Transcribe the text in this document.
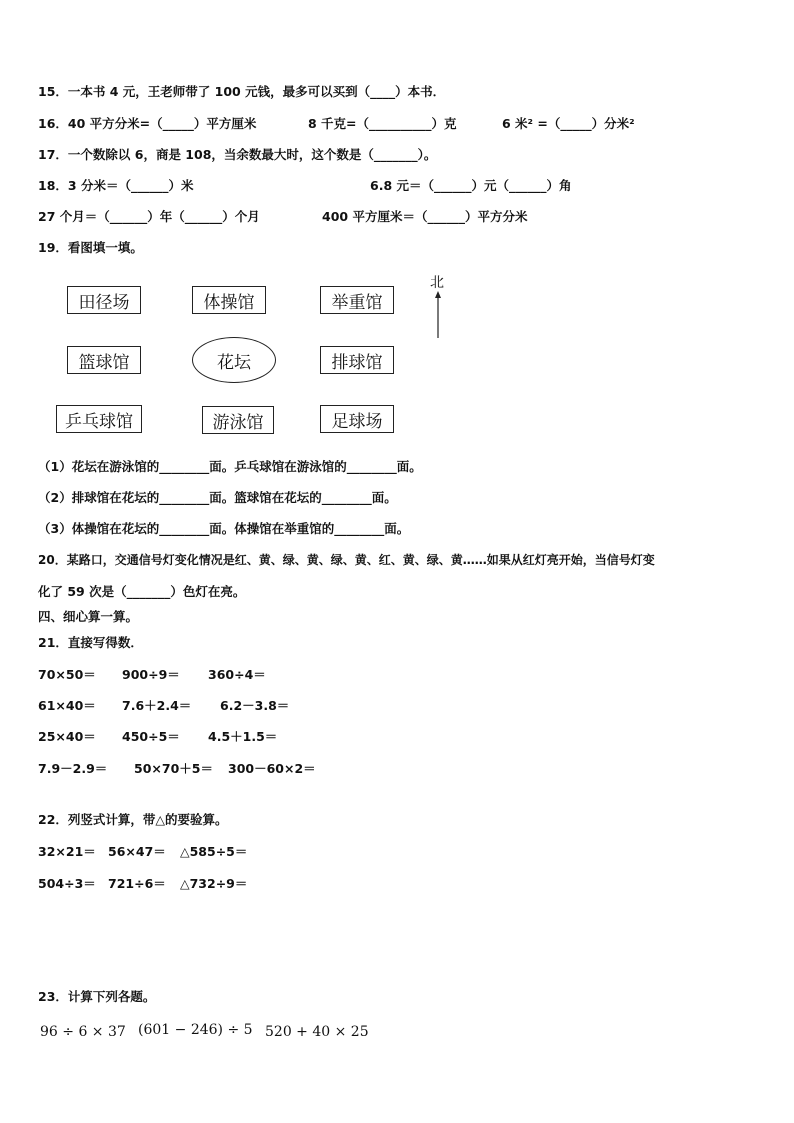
15．一本书 4 元，王老师带了 100 元钱，最多可以买到（____）本书．
16．40 平方分米=（_____）平方厘米	8 千克=（__________）克	6 米² =（_____）分米²
17．一个数除以 6，商是 108，当余数最大时，这个数是（_______）。
18．3 分米＝（______）米	6.8 元＝（______）元（______）角
27 个月＝（______）年（______）个月	400 平方厘米＝（______）平方分米
19．看图填一填。
田径场	体操馆	举重馆
篮球馆	花坛	排球馆
乒乓球馆	游泳馆	足球场
北
（1）花坛在游泳馆的________面。乒乓球馆在游泳馆的________面。
（2）排球馆在花坛的________面。篮球馆在花坛的________面。
（3）体操馆在花坛的________面。体操馆在举重馆的________面。
20．某路口，交通信号灯变化情况是红、黄、绿、黄、绿、黄、红、黄、绿、黄……如果从红灯亮开始，当信号灯变
化了 59 次是（_______）色灯在亮。
四、细心算一算。
21．直接写得数．
70×50＝ 900÷9＝ 360÷4＝
61×40＝ 7.6＋2.4＝ 6.2－3.8＝
25×40＝ 450÷5＝ 4.5＋1.5＝
7.9－2.9＝ 50×70＋5＝ 300－60×2＝
22．列竖式计算，带△的要验算。
32×21＝ 56×47＝ △585÷5＝
504÷3＝ 721÷6＝ △732÷9＝
23．计算下列各题。
96 ÷ 6 × 37 (601 − 246) ÷ 5 520 + 40 × 25
